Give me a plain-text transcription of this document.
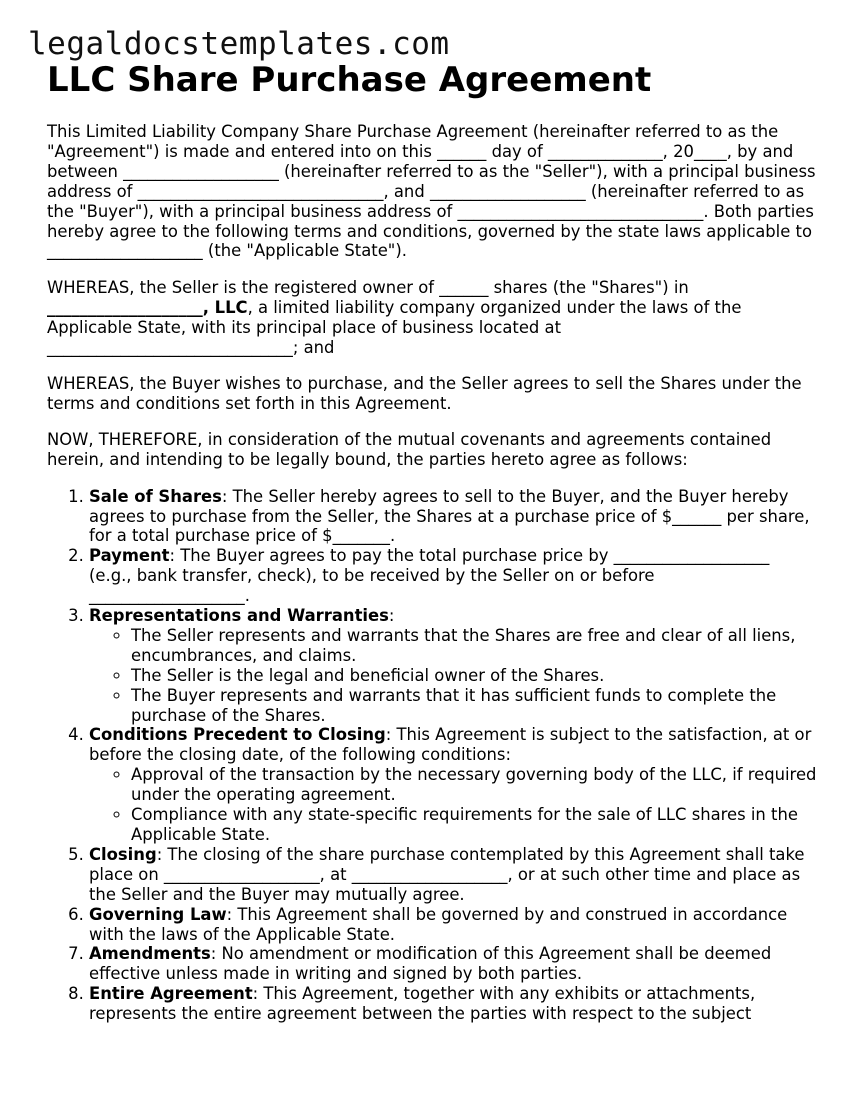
legaldocstemplates.com
LLC Share Purchase Agreement

This Limited Liability Company Share Purchase Agreement (hereinafter referred to as the "Agreement") is made and entered into on this ______ day of ______________, 20____, by and between ___________________ (hereinafter referred to as the "Seller"), with a principal business address of ______________________________, and ___________________ (hereinafter referred to as the "Buyer"), with a principal business address of ______________________________. Both parties hereby agree to the following terms and conditions, governed by the state laws applicable to ___________________ (the "Applicable State").

WHEREAS, the Seller is the registered owner of ______ shares (the "Shares") in ___________________, LLC, a limited liability company organized under the laws of the Applicable State, with its principal place of business located at ______________________________; and

WHEREAS, the Buyer wishes to purchase, and the Seller agrees to sell the Shares under the terms and conditions set forth in this Agreement.

NOW, THEREFORE, in consideration of the mutual covenants and agreements contained herein, and intending to be legally bound, the parties hereto agree as follows:

1. Sale of Shares: The Seller hereby agrees to sell to the Buyer, and the Buyer hereby agrees to purchase from the Seller, the Shares at a purchase price of $______ per share, for a total purchase price of $_______.
2. Payment: The Buyer agrees to pay the total purchase price by ___________________ (e.g., bank transfer, check), to be received by the Seller on or before ___________________.
3. Representations and Warranties:
◦ The Seller represents and warrants that the Shares are free and clear of all liens, encumbrances, and claims.
◦ The Seller is the legal and beneficial owner of the Shares.
◦ The Buyer represents and warrants that it has sufficient funds to complete the purchase of the Shares.
4. Conditions Precedent to Closing: This Agreement is subject to the satisfaction, at or before the closing date, of the following conditions:
◦ Approval of the transaction by the necessary governing body of the LLC, if required under the operating agreement.
◦ Compliance with any state-specific requirements for the sale of LLC shares in the Applicable State.
5. Closing: The closing of the share purchase contemplated by this Agreement shall take place on ___________________, at ___________________, or at such other time and place as the Seller and the Buyer may mutually agree.
6. Governing Law: This Agreement shall be governed by and construed in accordance with the laws of the Applicable State.
7. Amendments: No amendment or modification of this Agreement shall be deemed effective unless made in writing and signed by both parties.
8. Entire Agreement: This Agreement, together with any exhibits or attachments, represents the entire agreement between the parties with respect to the subject
